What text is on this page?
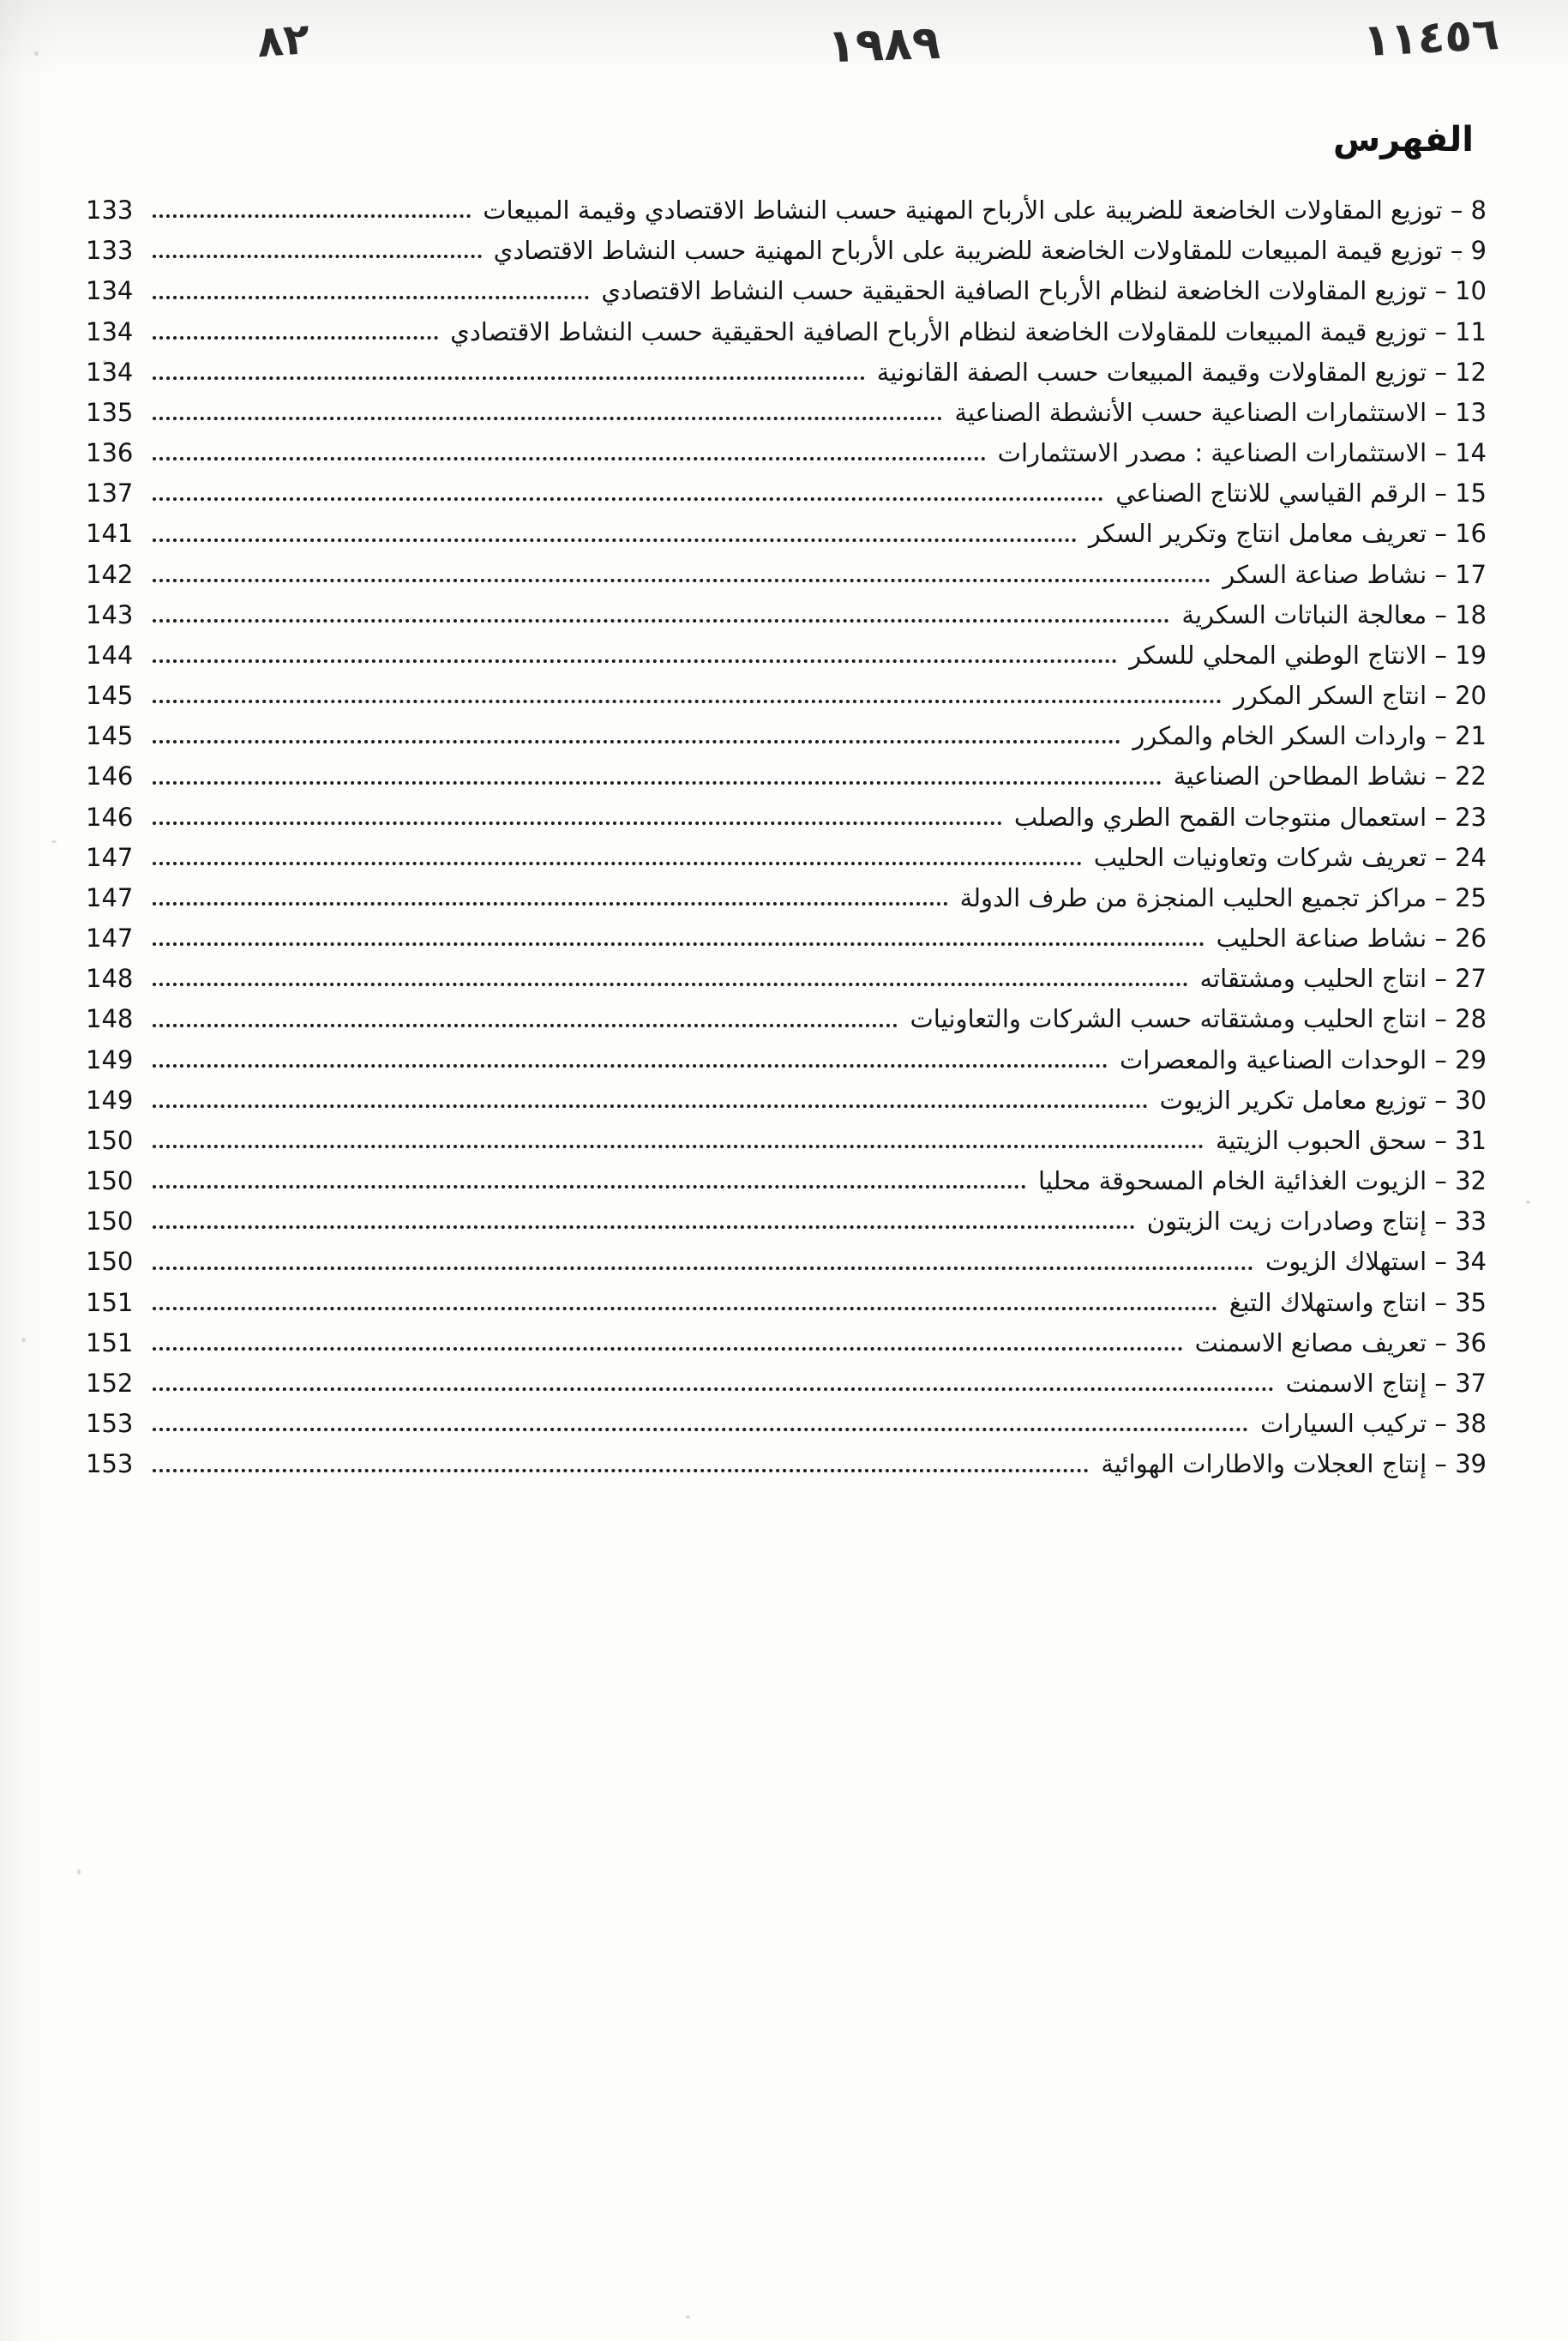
٨٢	١٩٨٩	١١٤٥٦
الفهرس
8 – توزيع المقاولات الخاضعة للضريبة على الأرباح المهنية حسب النشاط الاقتصادي وقيمة المبيعات
133
9 – توزيع قيمة المبيعات للمقاولات الخاضعة للضريبة على الأرباح المهنية حسب النشاط الاقتصادي
133
10 – توزيع المقاولات الخاضعة لنظام الأرباح الصافية الحقيقية حسب النشاط الاقتصادي
134
11 – توزيع قيمة المبيعات للمقاولات الخاضعة لنظام الأرباح الصافية الحقيقية حسب النشاط الاقتصادي
134
12 – توزيع المقاولات وقيمة المبيعات حسب الصفة القانونية
134
13 – الاستثمارات الصناعية حسب الأنشطة الصناعية
135
14 – الاستثمارات الصناعية : مصدر الاستثمارات
136
15 – الرقم القياسي للانتاج الصناعي
137
16 – تعريف معامل انتاج وتكرير السكر
141
17 – نشاط صناعة السكر
142
18 – معالجة النباتات السكرية
143
19 – الانتاج الوطني المحلي للسكر
144
20 – انتاج السكر المكرر
145
21 – واردات السكر الخام والمكرر
145
22 – نشاط المطاحن الصناعية
146
23 – استعمال منتوجات القمح الطري والصلب
146
24 – تعريف شركات وتعاونيات الحليب
147
25 – مراكز تجميع الحليب المنجزة من طرف الدولة
147
26 – نشاط صناعة الحليب
147
27 – انتاج الحليب ومشتقاته
148
28 – انتاج الحليب ومشتقاته حسب الشركات والتعاونيات
148
29 – الوحدات الصناعية والمعصرات
149
30 – توزيع معامل تكرير الزيوت
149
31 – سحق الحبوب الزيتية
150
32 – الزيوت الغذائية الخام المسحوقة محليا
150
33 – إنتاج وصادرات زيت الزيتون
150
34 – استهلاك الزيوت
150
35 – انتاج واستهلاك التبغ
151
36 – تعريف مصانع الاسمنت
151
37 – إنتاج الاسمنت
152
38 – تركيب السيارات
153
39 – إنتاج العجلات والاطارات الهوائية
153
